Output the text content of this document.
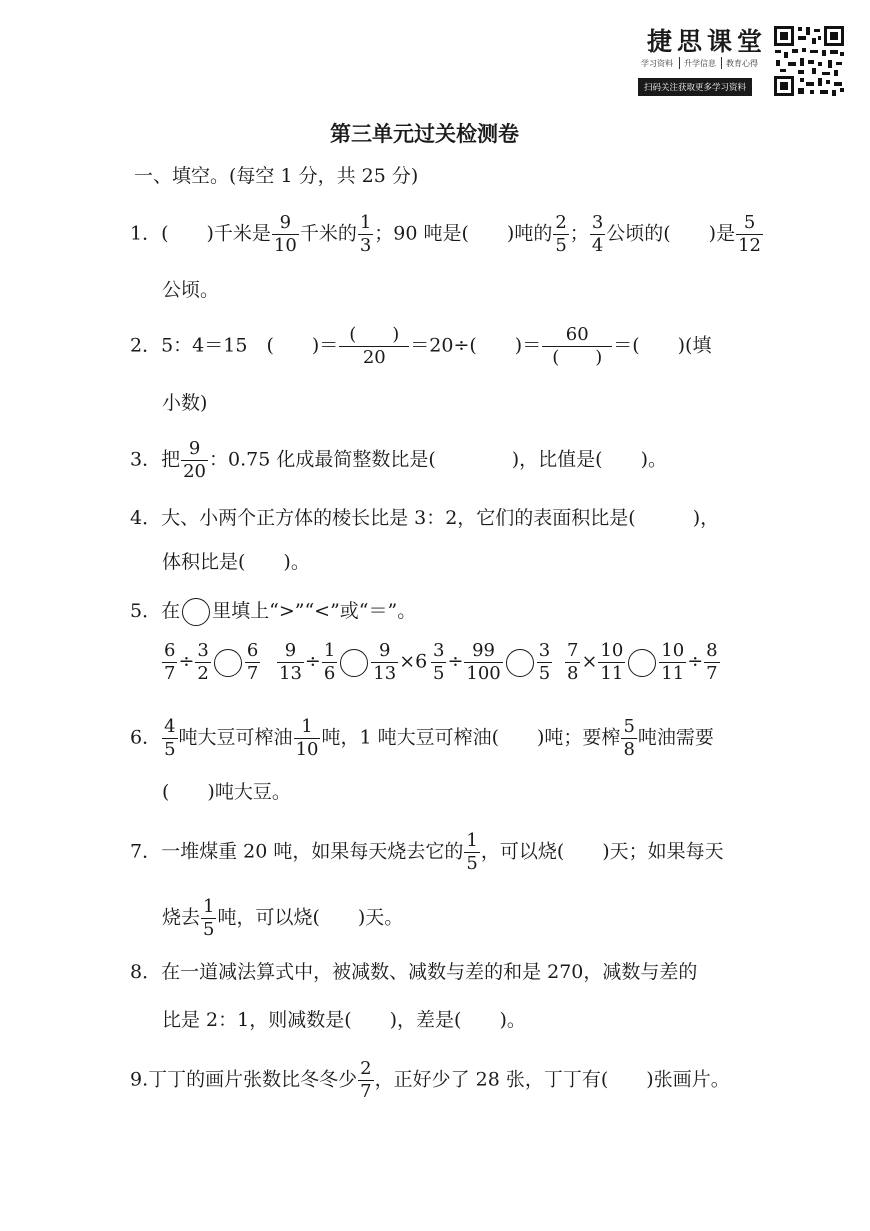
捷思课堂
学习资料 升学信息 教育心得
扫码关注获取更多学习资料
第三单元过关检测卷
一、填空。(每空 1 分，共 25 分)
1．(　　)千米是 $\frac{9}{10}$ 千米的 $\frac{1}{3}$ ；90 吨是(　　)吨的 $\frac{2}{5}$ ； $\frac{3}{4}$ 公顷的(　　)是 $\frac{5}{12}$
公顷。
2．5：4＝15　(　　)＝ $\frac{( )}{20} =20\div$(　　)＝ $\frac{60}{( )}$ ＝(　　)(填
小数)
3．把 $\frac{9}{20}$ ：0.75 化成最简整数比是(　　　　)，比值是(　　)。
4．大、小两个正方体的棱长比是 3：2，它们的表面积比是(　　　)，
体积比是(　　)。
5．在 里填上“>”“<”或“＝”。
$\frac{6}{7} \div \frac{3}{2} \frac{6}{7} \frac{9}{13} \div \frac{1}{6} \frac{9}{13} \times 6 \frac{3}{5} \div \frac{99}{100} \frac{3}{5} \frac{7}{8} \times \frac{10}{11} \frac{10}{11} \div \frac{8}{7}$
6． $\frac{4}{5}$ 吨大豆可榨油 $\frac{1}{10}$ 吨，1 吨大豆可榨油(　　)吨；要榨 $\frac{5}{8}$ 吨油需要
(　　)吨大豆。
7．一堆煤重 20 吨，如果每天烧去它的 $\frac{1}{5}$ ，可以烧(　　)天；如果每天
烧去 $\frac{1}{5}$ 吨，可以烧(　　)天。
8．在一道减法算式中，被减数、减数与差的和是 270，减数与差的
比是 2：1，则减数是(　　)，差是(　　)。
9.丁丁的画片张数比冬冬少 $\frac{2}{7}$ ，正好少了 28 张，丁丁有(　　)张画片。
